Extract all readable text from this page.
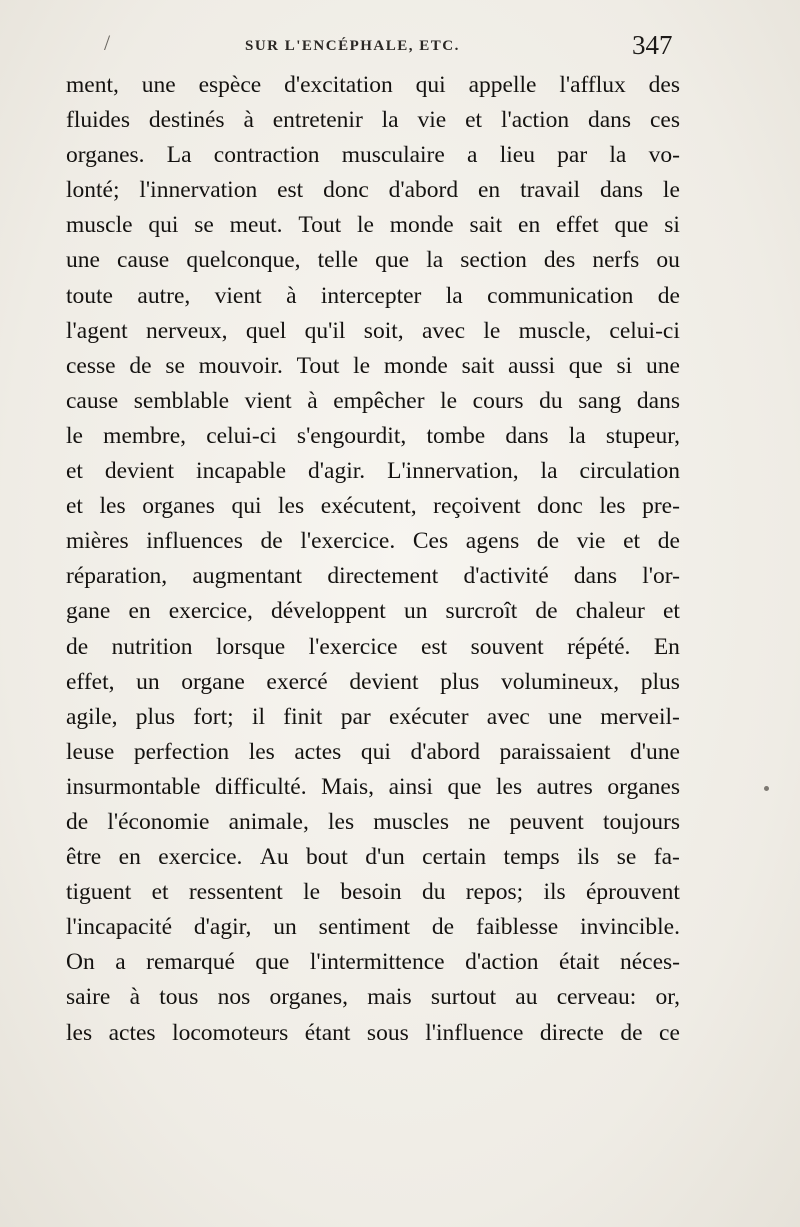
/	SUR L'ENCÉPHALE, ETC.	347
ment, une espèce d'excitation qui appelle l'afflux des
fluides destinés à entretenir la vie et l'action dans ces
organes. La contraction musculaire a lieu par la vo-
lonté; l'innervation est donc d'abord en travail dans le
muscle qui se meut. Tout le monde sait en effet que si
une cause quelconque, telle que la section des nerfs ou
toute autre, vient à intercepter la communication de
l'agent nerveux, quel qu'il soit, avec le muscle, celui-ci
cesse de se mouvoir. Tout le monde sait aussi que si une
cause semblable vient à empêcher le cours du sang dans
le membre, celui-ci s'engourdit, tombe dans la stupeur,
et devient incapable d'agir. L'innervation, la circulation
et les organes qui les exécutent, reçoivent donc les pre-
mières influences de l'exercice. Ces agens de vie et de
réparation, augmentant directement d'activité dans l'or-
gane en exercice, développent un surcroît de chaleur et
de nutrition lorsque l'exercice est souvent répété. En
effet, un organe exercé devient plus volumineux, plus
agile, plus fort; il finit par exécuter avec une merveil-
leuse perfection les actes qui d'abord paraissaient d'une
insurmontable difficulté. Mais, ainsi que les autres organes
de l'économie animale, les muscles ne peuvent toujours
être en exercice. Au bout d'un certain temps ils se fa-
tiguent et ressentent le besoin du repos; ils éprouvent
l'incapacité d'agir, un sentiment de faiblesse invincible.
On a remarqué que l'intermittence d'action était néces-
saire à tous nos organes, mais surtout au cerveau: or,
les actes locomoteurs étant sous l'influence directe de ce
